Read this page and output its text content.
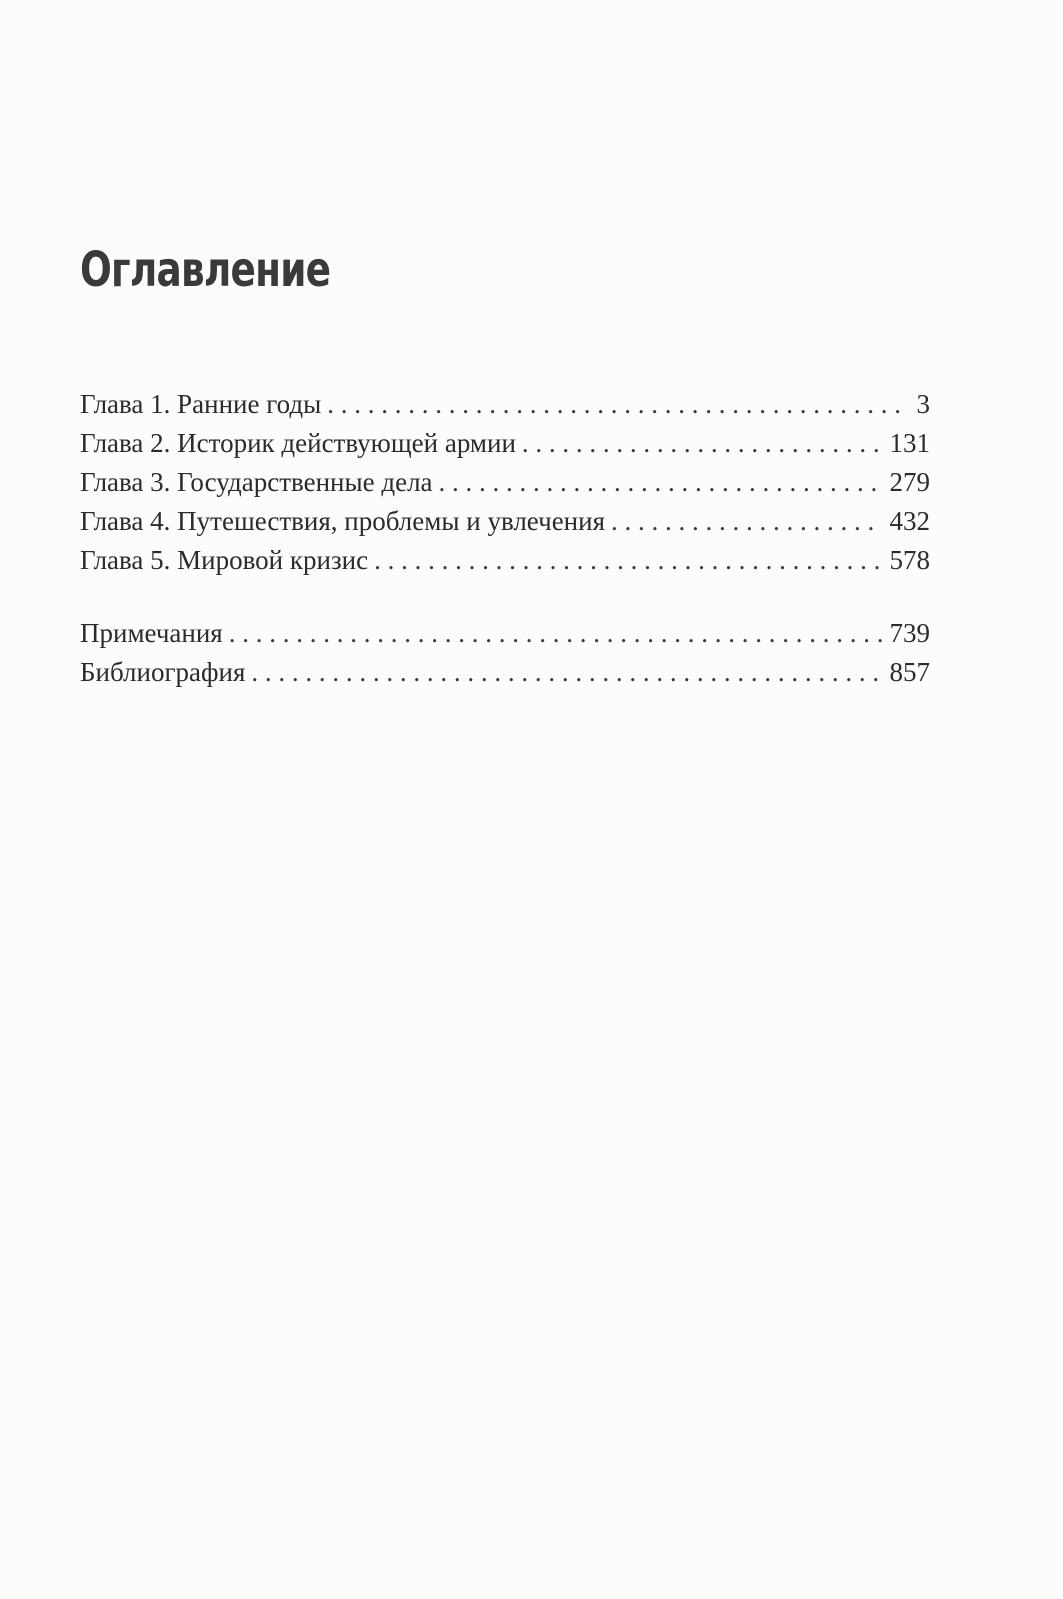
Оглавление
Глава 1. Ранние годы . . .	3
Глава 2. Историк действующей армии . . .	131
Глава 3. Государственные дела . . .	279
Глава 4. Путешествия, проблемы и увлечения . . .	432
Глава 5. Мировой кризис . . .	578
Примечания . . .	739
Библиография . . .	857
